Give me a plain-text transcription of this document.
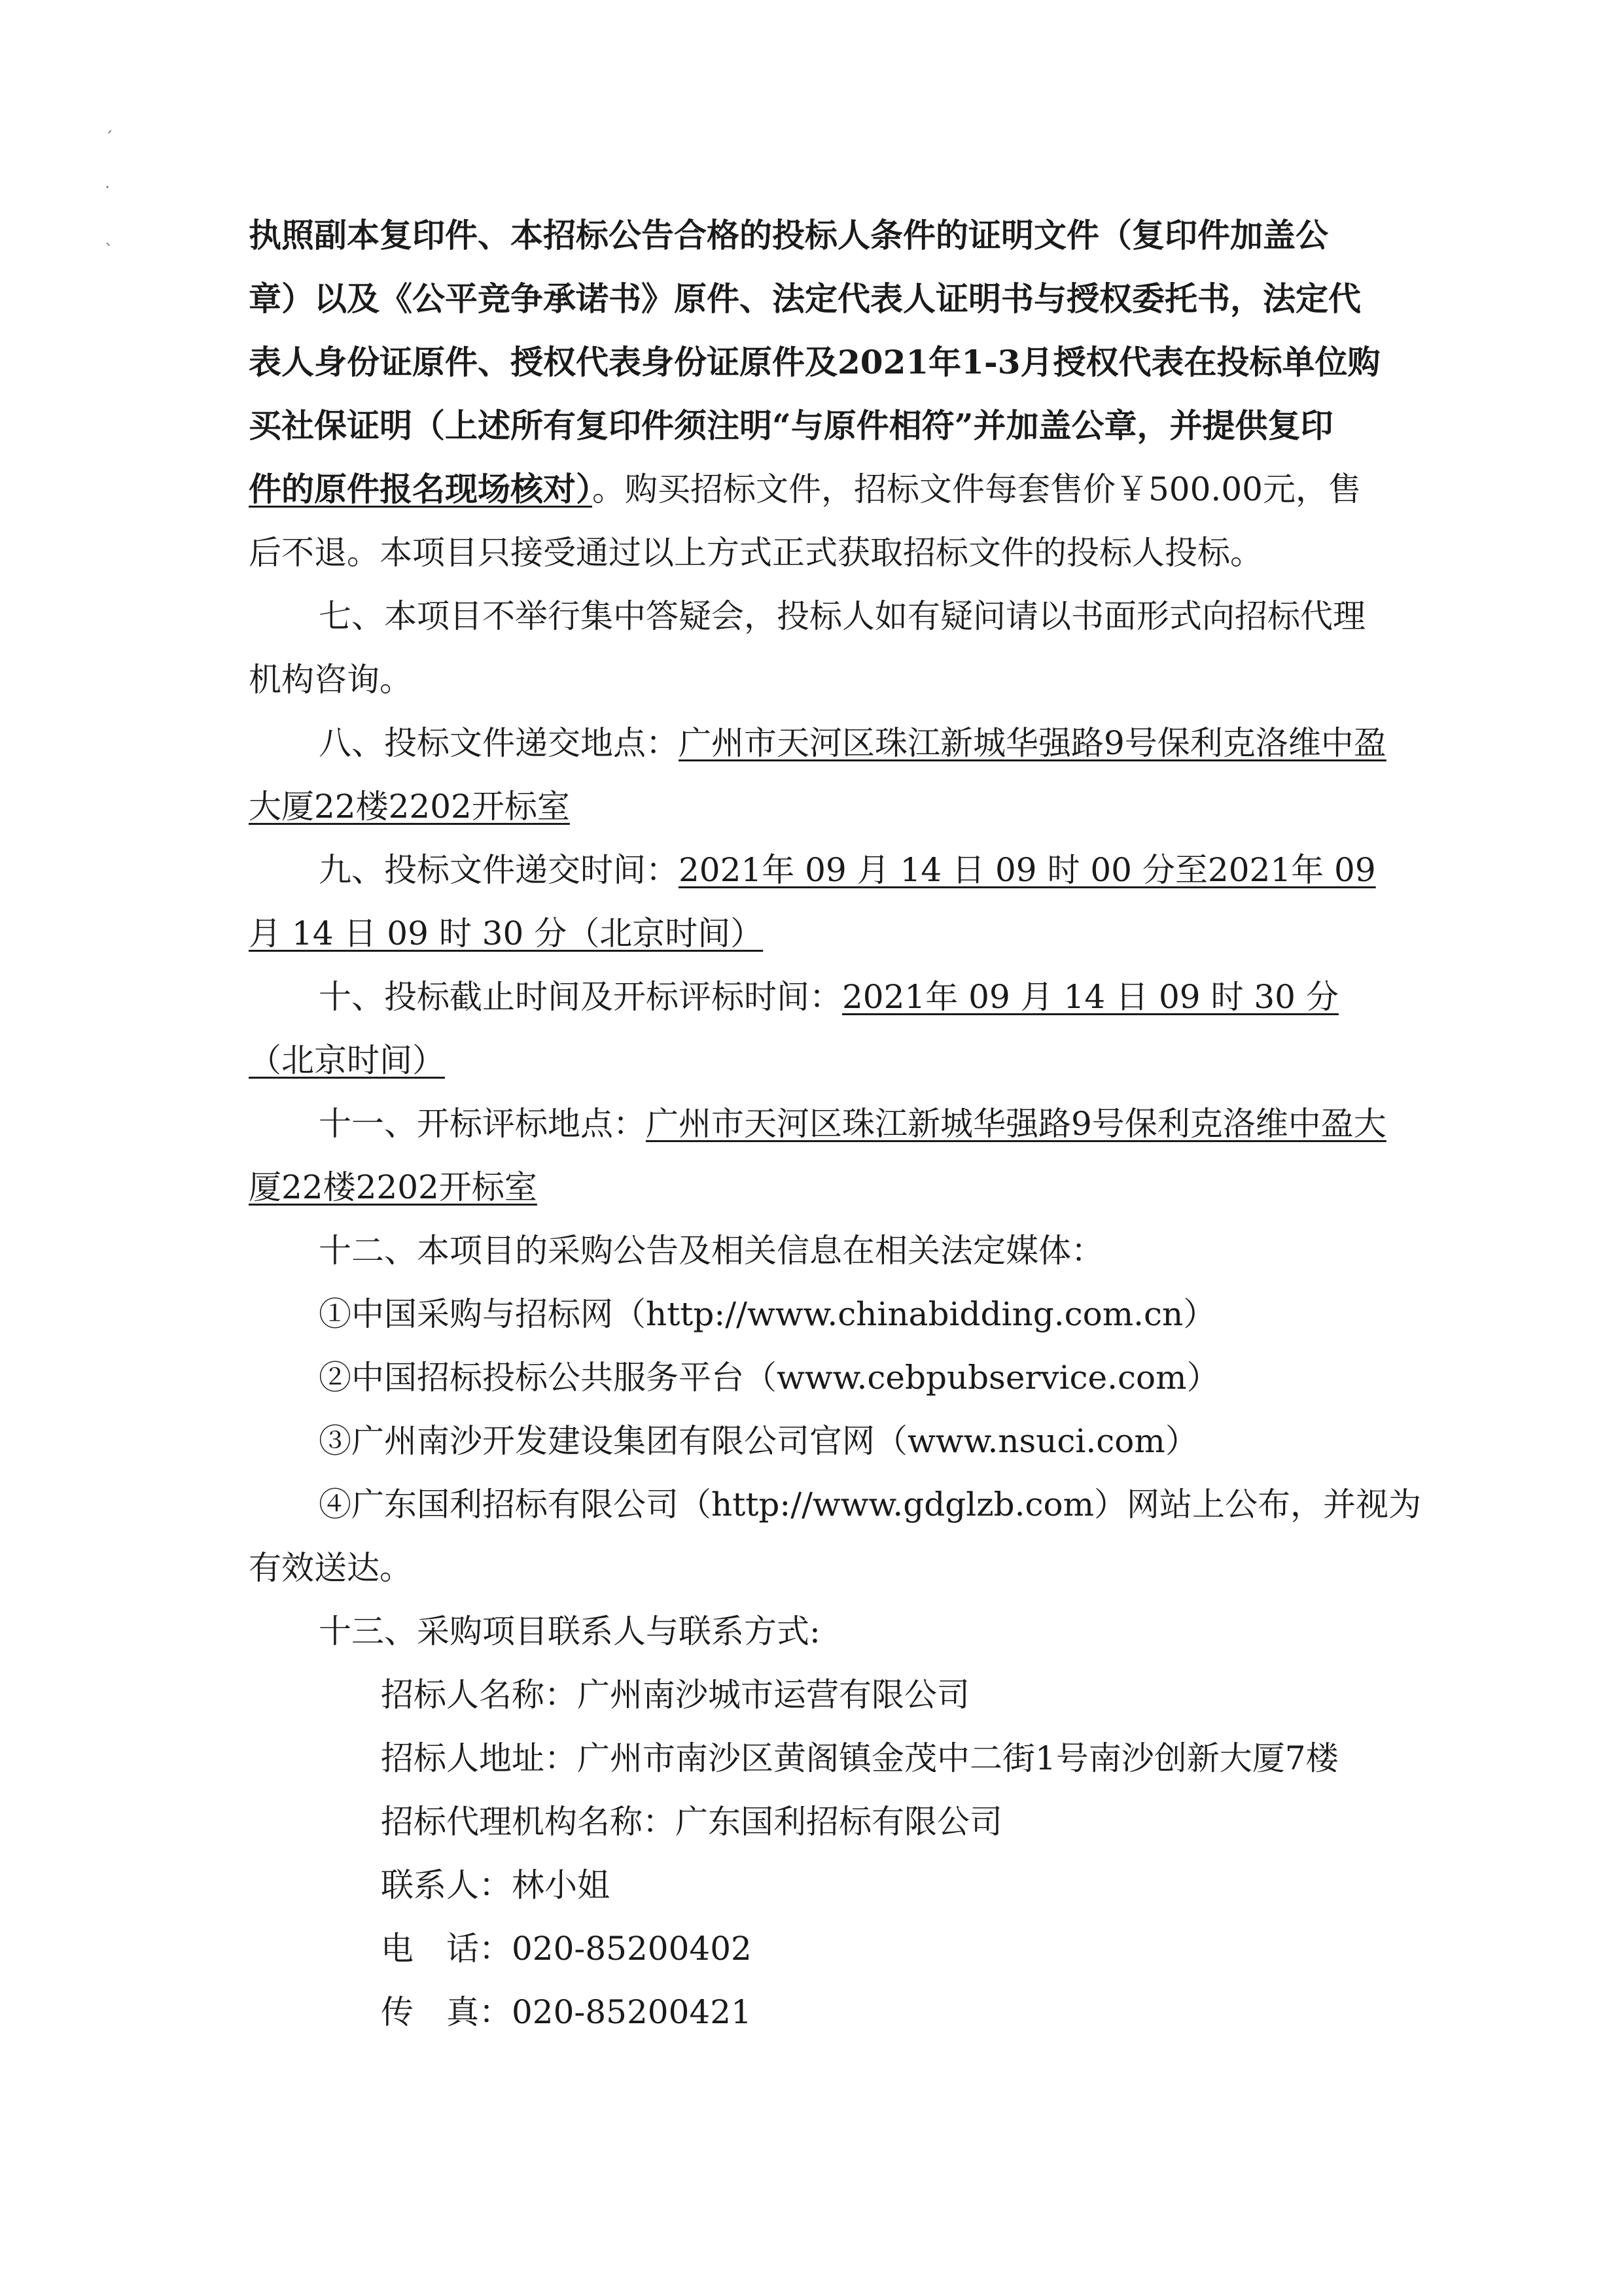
ˊ
·
ˎ	执照副本复印件、本招标公告合格的投标人条件的证明文件（复印件加盖公
章）以及《公平竞争承诺书》原件、法定代表人证明书与授权委托书，法定代
表人身份证原件、授权代表身份证原件及2021年1-3月授权代表在投标单位购
买社保证明（上述所有复印件须注明“与原件相符”并加盖公章，并提供复印
件的原件报名现场核对）。购买招标文件，招标文件每套售价￥500.00元，售
后不退。本项目只接受通过以上方式正式获取招标文件的投标人投标。
七、本项目不举行集中答疑会，投标人如有疑问请以书面形式向招标代理
机构咨询。
八、投标文件递交地点：广州市天河区珠江新城华强路9号保利克洛维中盈
大厦22楼2202开标室
九、投标文件递交时间：2021年 09 月 14 日 09 时 00 分至2021年 09
月 14 日 09 时 30 分（北京时间）
十、投标截止时间及开标评标时间：2021年 09 月 14 日 09 时 30 分
（北京时间）
十一、开标评标地点：广州市天河区珠江新城华强路9号保利克洛维中盈大
厦22楼2202开标室
十二、本项目的采购公告及相关信息在相关法定媒体：
①中国采购与招标网（http://www.chinabidding.com.cn）
②中国招标投标公共服务平台（www.cebpubservice.com）
③广州南沙开发建设集团有限公司官网（www.nsuci.com）
④广东国利招标有限公司（http://www.gdglzb.com）网站上公布，并视为
有效送达。
十三、采购项目联系人与联系方式:
招标人名称：广州南沙城市运营有限公司
招标人地址：广州市南沙区黄阁镇金茂中二街1号南沙创新大厦7楼
招标代理机构名称：广东国利招标有限公司
联系人：林小姐
电　话：020-85200402
传　真：020-85200421
